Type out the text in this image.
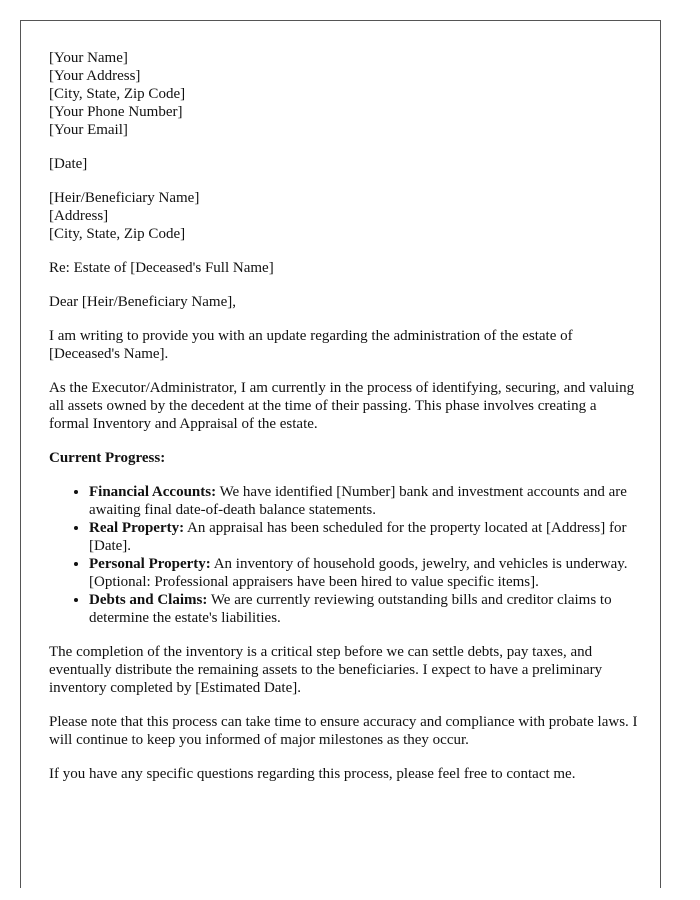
[Your Name]
[Your Address]
[City, State, Zip Code]
[Your Phone Number]
[Your Email]
[Date]
[Heir/Beneficiary Name]
[Address]
[City, State, Zip Code]

Re: Estate of [Deceased's Full Name]

Dear [Heir/Beneficiary Name],

I am writing to provide you with an update regarding the administration of the estate of [Deceased's Name].

As the Executor/Administrator, I am currently in the process of identifying, securing, and valuing all assets owned by the decedent at the time of their passing. This phase involves creating a formal Inventory and Appraisal of the estate.

Current Progress:

• Financial Accounts: We have identified [Number] bank and investment accounts and are awaiting final date-of-death balance statements.
• Real Property: An appraisal has been scheduled for the property located at [Address] for [Date].
• Personal Property: An inventory of household goods, jewelry, and vehicles is underway. [Optional: Professional appraisers have been hired to value specific items].
• Debts and Claims: We are currently reviewing outstanding bills and creditor claims to determine the estate's liabilities.

The completion of the inventory is a critical step before we can settle debts, pay taxes, and eventually distribute the remaining assets to the beneficiaries. I expect to have a preliminary inventory completed by [Estimated Date].

Please note that this process can take time to ensure accuracy and compliance with probate laws. I will continue to keep you informed of major milestones as they occur.

If you have any specific questions regarding this process, please feel free to contact me.
